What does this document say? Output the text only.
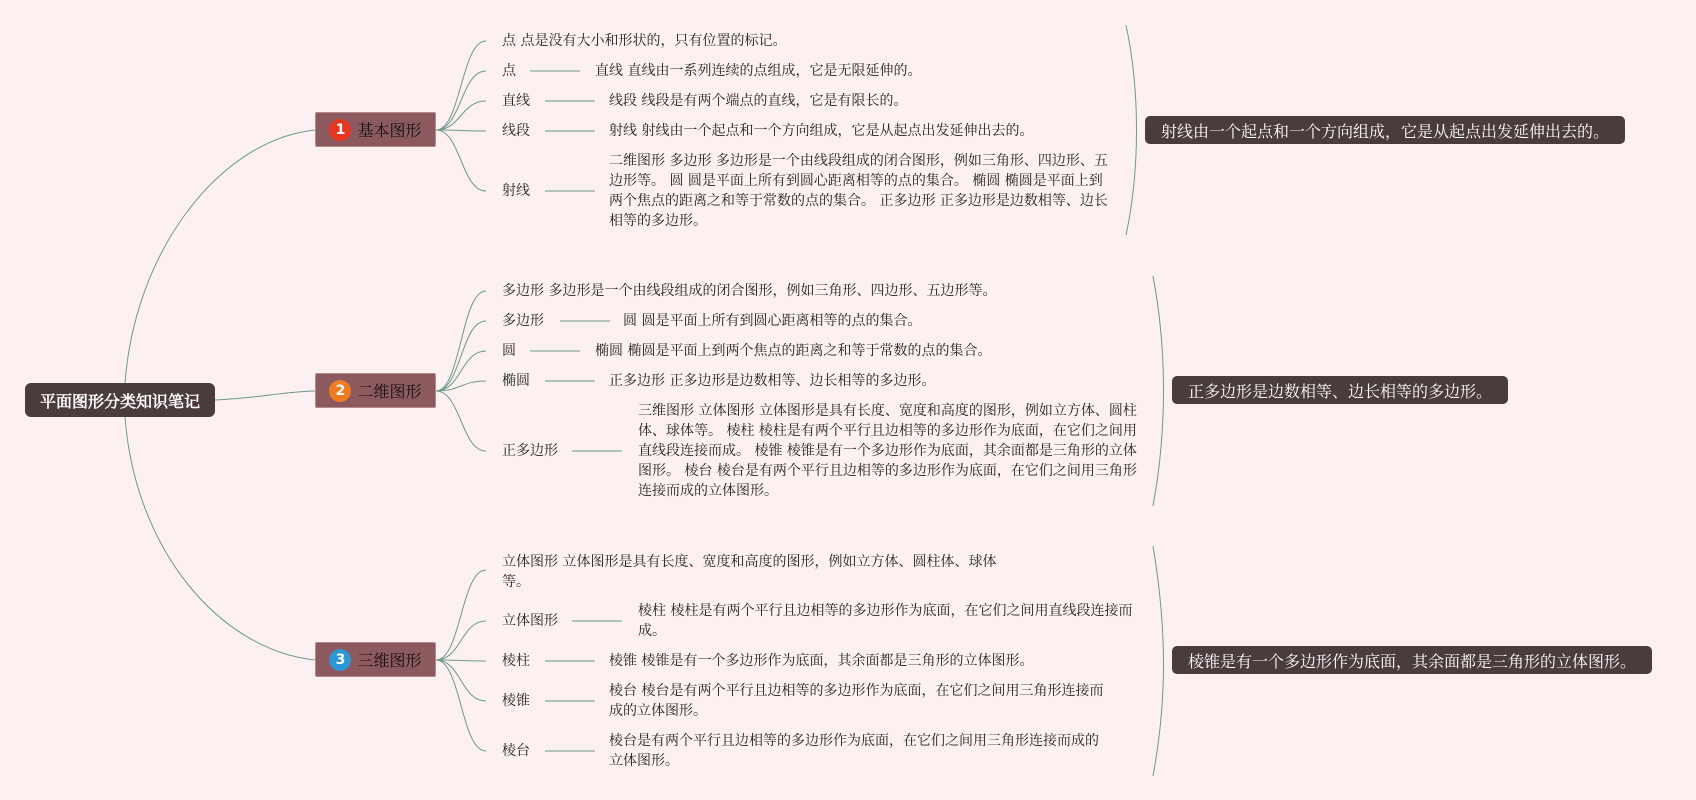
平面图形分类知识笔记
1 基本图形
点 点是没有大小和形状的，只有位置的标记。
点	直线 直线由一系列连续的点组成，它是无限延伸的。
直线	线段 线段是有两个端点的直线，它是有限长的。
线段	射线 射线由一个起点和一个方向组成，它是从起点出发延伸出去的。
射线
二维图形 多边形 多边形是一个由线段组成的闭合图形，例如三角形、四边形、五边形等。 圆 圆是平面上所有到圆心距离相等的点的集合。 椭圆 椭圆是平面上到两个焦点的距离之和等于常数的点的集合。 正多边形 正多边形是边数相等、边长相等的多边形。
射线由一个起点和一个方向组成，它是从起点出发延伸出去的。
2 二维图形
多边形 多边形是一个由线段组成的闭合图形，例如三角形、四边形、五边形等。
多边形	圆 圆是平面上所有到圆心距离相等的点的集合。
圆	椭圆 椭圆是平面上到两个焦点的距离之和等于常数的点的集合。
椭圆	正多边形 正多边形是边数相等、边长相等的多边形。
正多边形
三维图形 立体图形 立体图形是具有长度、宽度和高度的图形，例如立方体、圆柱体、球体等。 棱柱 棱柱是有两个平行且边相等的多边形作为底面，在它们之间用直线段连接而成。 棱锥 棱锥是有一个多边形作为底面，其余面都是三角形的立体图形。 棱台 棱台是有两个平行且边相等的多边形作为底面，在它们之间用三角形连接而成的立体图形。
正多边形是边数相等、边长相等的多边形。
3 三维图形
立体图形 立体图形是具有长度、宽度和高度的图形，例如立方体、圆柱体、球体等。
立体图形
棱柱 棱柱是有两个平行且边相等的多边形作为底面，在它们之间用直线段连接而成。
棱柱	棱锥 棱锥是有一个多边形作为底面，其余面都是三角形的立体图形。
棱锥
棱台 棱台是有两个平行且边相等的多边形作为底面，在它们之间用三角形连接而成的立体图形。
棱台
棱台是有两个平行且边相等的多边形作为底面，在它们之间用三角形连接而成的立体图形。
棱锥是有一个多边形作为底面，其余面都是三角形的立体图形。
